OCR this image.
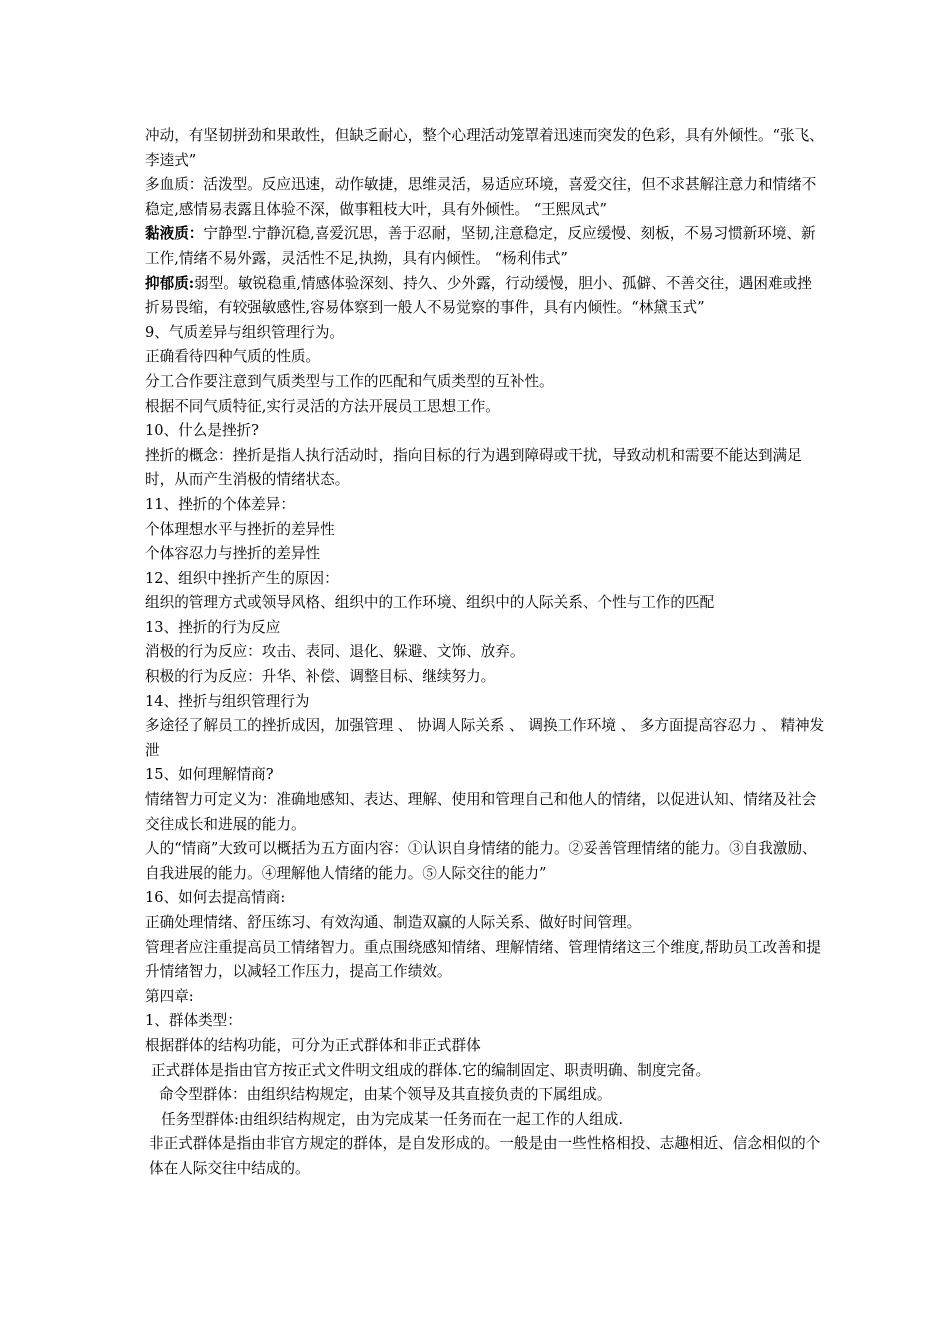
冲动，有坚韧拼劲和果敢性，但缺乏耐心，整个心理活动笼罩着迅速而突发的色彩，具有外倾性。“张飞、李逵式”

多血质：活泼型。反应迅速，动作敏捷，思维灵活，易适应环境，喜爱交往，但不求甚解注意力和情绪不稳定,感情易表露且体验不深，做事粗枝大叶，具有外倾性。 “王熙凤式”

黏液质：宁静型.宁静沉稳,喜爱沉思，善于忍耐，坚韧,注意稳定，反应缓慢、刻板，不易习惯新环境、新工作,情绪不易外露，灵活性不足,执拗，具有内倾性。 “杨利伟式”

抑郁质:弱型。敏锐稳重,情感体验深刻、持久、少外露，行动缓慢，胆小、孤僻、不善交往，遇困难或挫折易畏缩，有较强敏感性,容易体察到一般人不易觉察的事件，具有内倾性。“林黛玉式”

9、气质差异与组织管理行为。

正确看待四种气质的性质。

分工合作要注意到气质类型与工作的匹配和气质类型的互补性。

根据不同气质特征,实行灵活的方法开展员工思想工作。

10、什么是挫折?

挫折的概念：挫折是指人执行活动时，指向目标的行为遇到障碍或干扰，导致动机和需要不能达到满足时，从而产生消极的情绪状态。

11、挫折的个体差异：

个体理想水平与挫折的差异性

个体容忍力与挫折的差异性

12、组织中挫折产生的原因：

组织的管理方式或领导风格、组织中的工作环境、组织中的人际关系、个性与工作的匹配

13、挫折的行为反应

消极的行为反应：攻击、表同、退化、躲避、文饰、放弃。

积极的行为反应：升华、补偿、调整目标、继续努力。

14、挫折与组织管理行为

多途径了解员工的挫折成因，加强管理 、 协调人际关系 、 调换工作环境 、 多方面提高容忍力 、 精神发泄

15、如何理解情商?

情绪智力可定义为：准确地感知、表达、理解、使用和管理自己和他人的情绪，以促进认知、情绪及社会交往成长和进展的能力。

人的“情商”大致可以概括为五方面内容：①认识自身情绪的能力。②妥善管理情绪的能力。③自我激励、自我进展的能力。④理解他人情绪的能力。⑤人际交往的能力”

16、如何去提高情商:

正确处理情绪、舒压练习、有效沟通、制造双赢的人际关系、做好时间管理。

管理者应注重提高员工情绪智力。重点围绕感知情绪、理解情绪、管理情绪这三个维度,帮助员工改善和提升情绪智力，以减轻工作压力，提高工作绩效。

第四章:

1、群体类型：

根据群体的结构功能，可分为正式群体和非正式群体

正式群体是指由官方按正式文件明文组成的群体.它的编制固定、职责明确、制度完备。

命令型群体：由组织结构规定，由某个领导及其直接负责的下属组成。

任务型群体:由组织结构规定，由为完成某一任务而在一起工作的人组成.

非正式群体是指由非官方规定的群体，是自发形成的。一般是由一些性格相投、志趣相近、信念相似的个体在人际交往中结成的。
